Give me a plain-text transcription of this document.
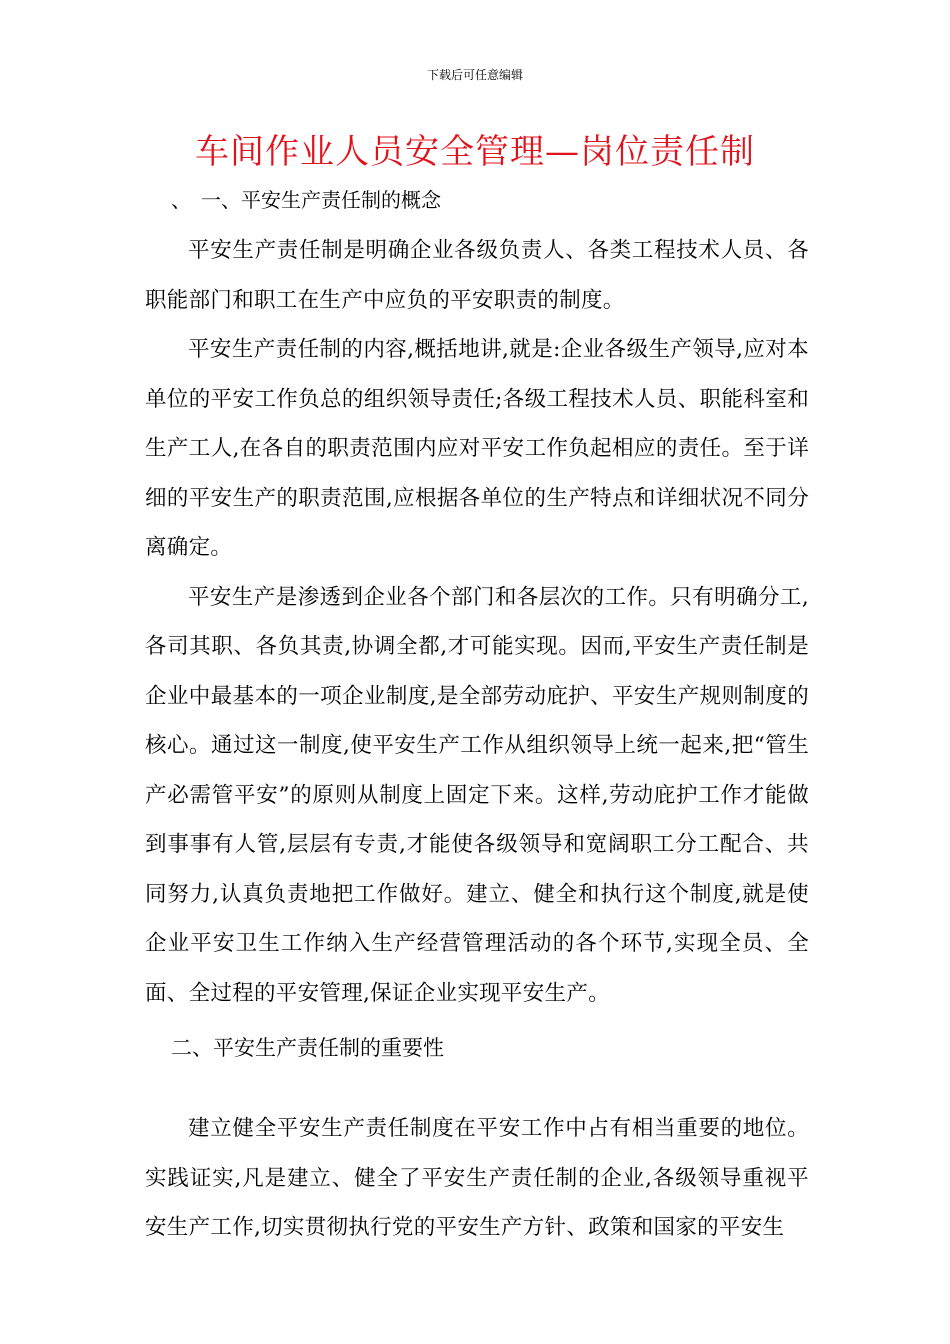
下载后可任意编辑
车间作业人员安全管理—岗位责任制
、 一、平安生产责任制的概念

平安生产责任制是明确企业各级负责人、各类工程技术人员、各职能部门和职工在生产中应负的平安职责的制度。

平安生产责任制的内容,概括地讲,就是:企业各级生产领导,应对本单位的平安工作负总的组织领导责任;各级工程技术人员、职能科室和生产工人,在各自的职责范围内应对平安工作负起相应的责任。至于详细的平安生产的职责范围,应根据各单位的生产特点和详细状况不同分离确定。

平安生产是渗透到企业各个部门和各层次的工作。只有明确分工,各司其职、各负其责,协调全都,才可能实现。因而,平安生产责任制是企业中最基本的一项企业制度,是全部劳动庇护、平安生产规则制度的核心。通过这一制度,使平安生产工作从组织领导上统一起来,把“管生产必需管平安”的原则从制度上固定下来。这样,劳动庇护工作才能做到事事有人管,层层有专责,才能使各级领导和宽阔职工分工配合、共同努力,认真负责地把工作做好。建立、健全和执行这个制度,就是使企业平安卫生工作纳入生产经营管理活动的各个环节,实现全员、全面、全过程的平安管理,保证企业实现平安生产。

二、平安生产责任制的重要性

建立健全平安生产责任制度在平安工作中占有相当重要的地位。实践证实,凡是建立、健全了平安生产责任制的企业,各级领导重视平安生产工作,切实贯彻执行党的平安生产方针、政策和国家的平安生
